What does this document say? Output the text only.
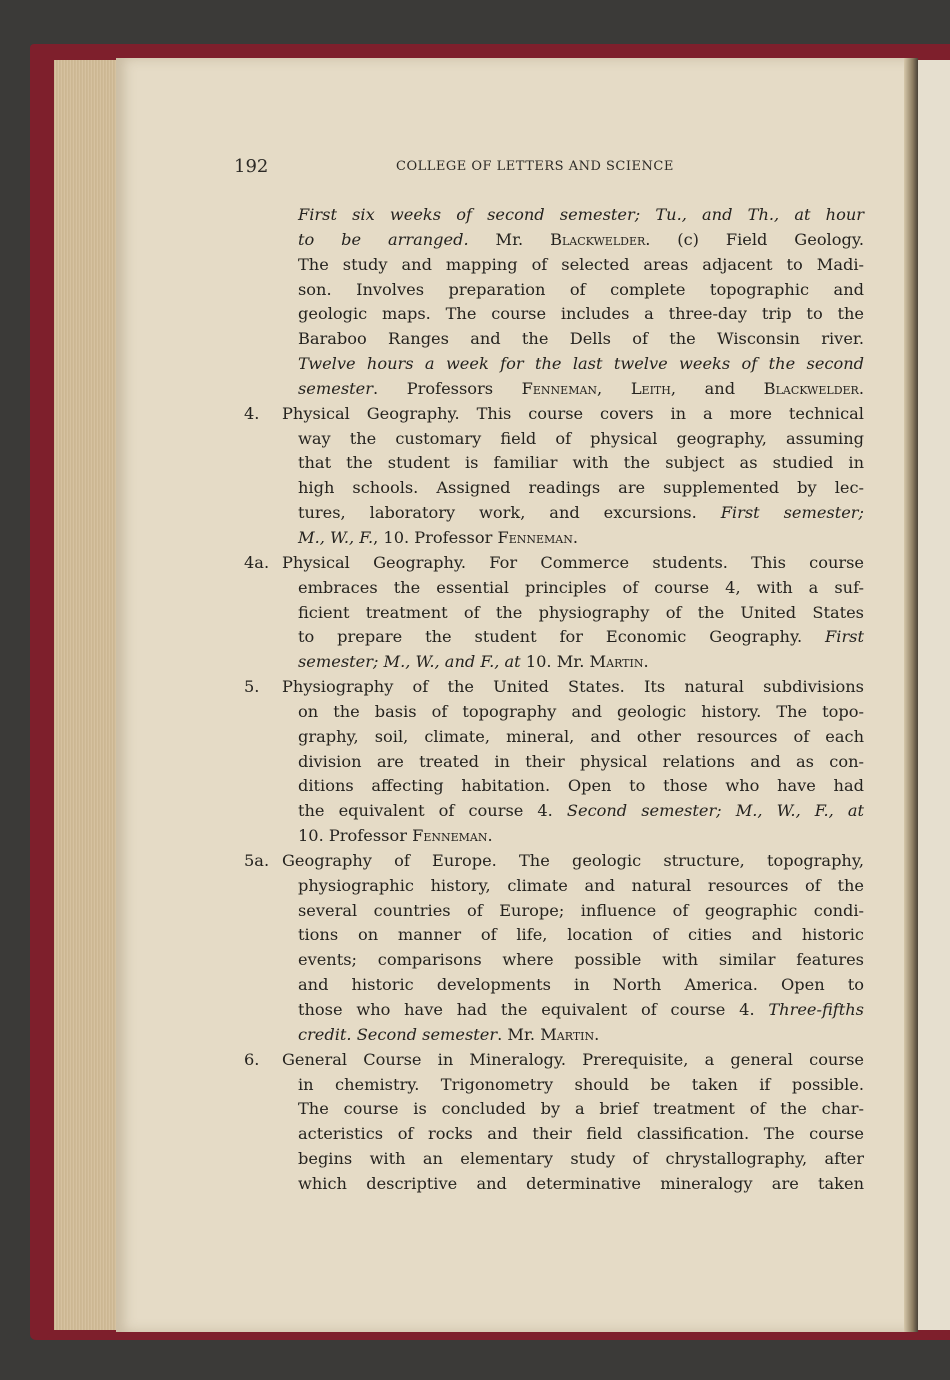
192	COLLEGE OF LETTERS AND SCIENCE
First six weeks of second semester; Tu., and Th., at hour
to be arranged. Mr. Blackwelder. (c) Field Geology.
The study and mapping of selected areas adjacent to Madi-
son. Involves preparation of complete topographic and
geologic maps. The course includes a three-day trip to the
Baraboo Ranges and the Dells of the Wisconsin river.
Twelve hours a week for the last twelve weeks of the second
semester. Professors Fenneman, Leith, and Blackwelder.
4. Physical Geography. This course covers in a more technical
way the customary field of physical geography, assuming
that the student is familiar with the subject as studied in
high schools. Assigned readings are supplemented by lec-
tures, laboratory work, and excursions. First semester;
M., W., F., 10. Professor Fenneman.
4a. Physical Geography. For Commerce students. This course
embraces the essential principles of course 4, with a suf-
ficient treatment of the physiography of the United States
to prepare the student for Economic Geography. First
semester; M., W., and F., at 10. Mr. Martin.
5. Physiography of the United States. Its natural subdivisions
on the basis of topography and geologic history. The topo-
graphy, soil, climate, mineral, and other resources of each
division are treated in their physical relations and as con-
ditions affecting habitation. Open to those who have had
the equivalent of course 4. Second semester; M., W., F., at
10. Professor Fenneman.
5a. Geography of Europe. The geologic structure, topography,
physiographic history, climate and natural resources of the
several countries of Europe; influence of geographic condi-
tions on manner of life, location of cities and historic
events; comparisons where possible with similar features
and historic developments in North America. Open to
those who have had the equivalent of course 4. Three-fifths
credit. Second semester. Mr. Martin.
6. General Course in Mineralogy. Prerequisite, a general course
in chemistry. Trigonometry should be taken if possible.
The course is concluded by a brief treatment of the char-
acteristics of rocks and their field classification. The course
begins with an elementary study of chrystallography, after
which descriptive and determinative mineralogy are taken
